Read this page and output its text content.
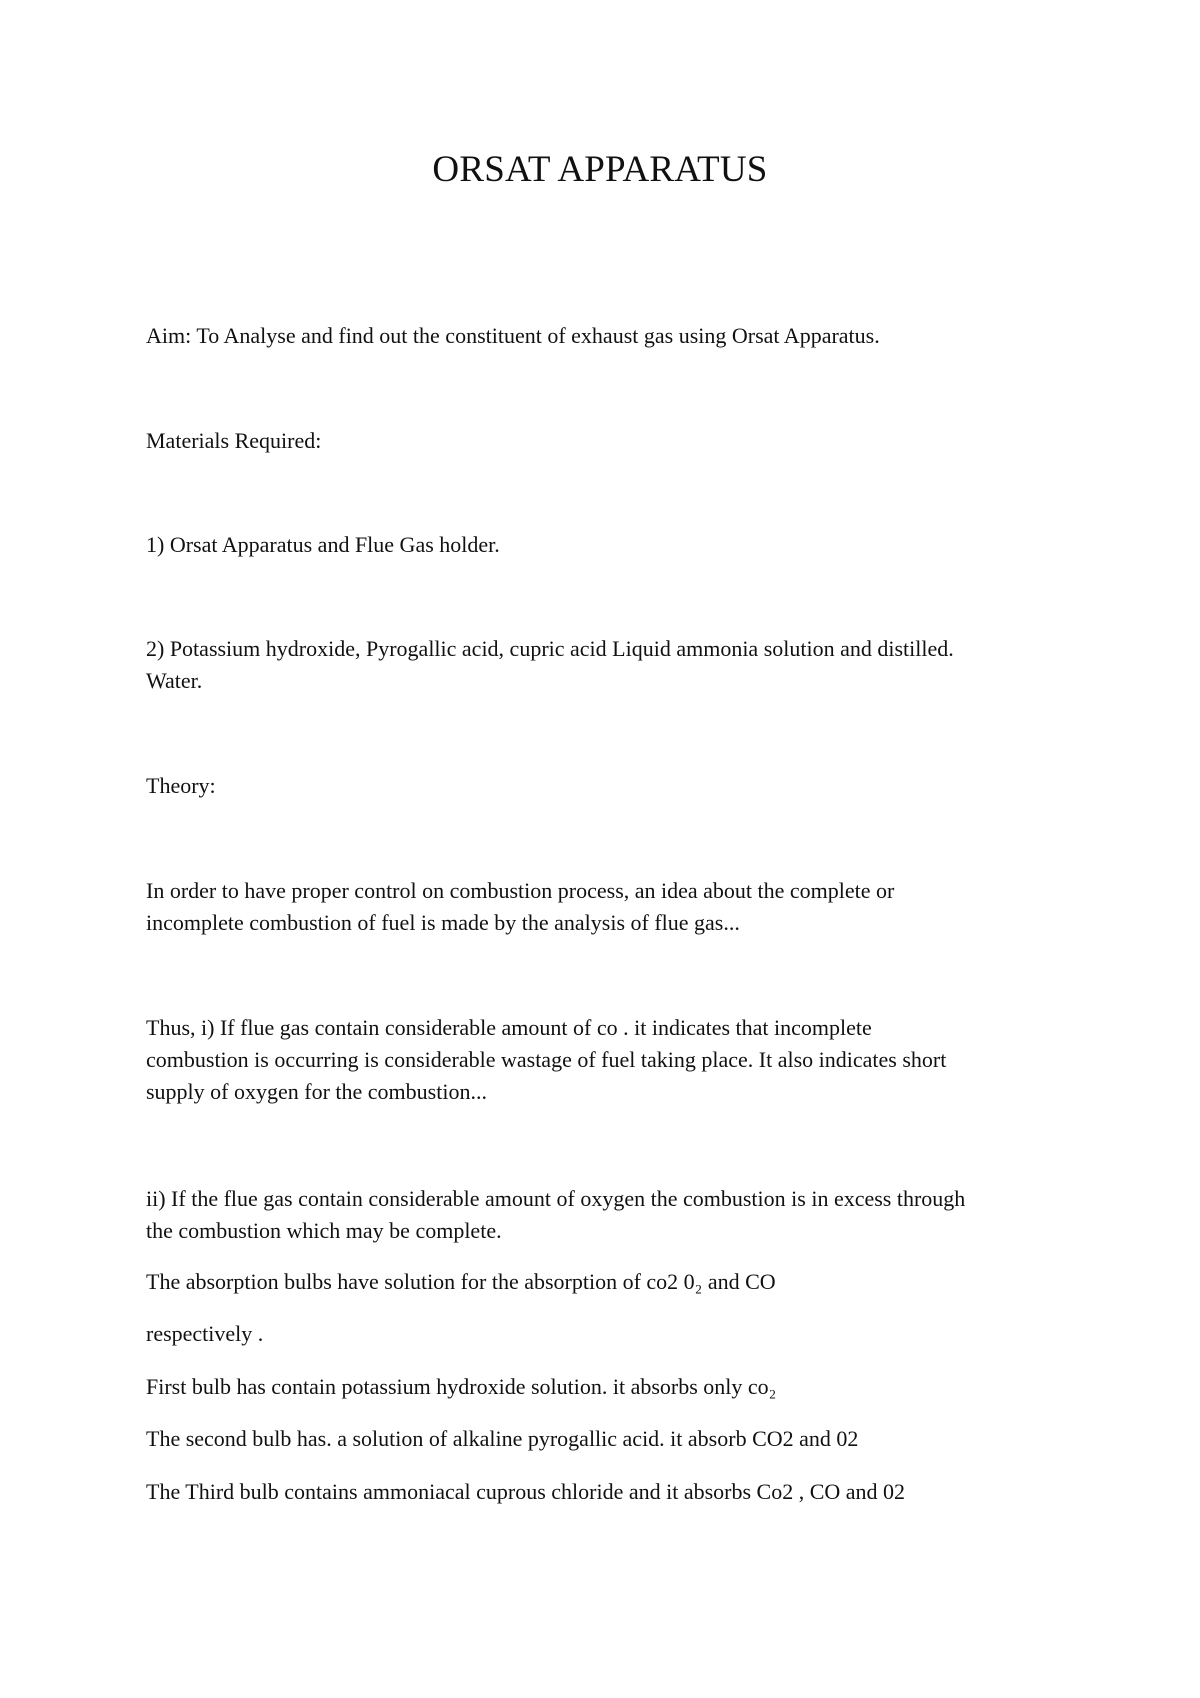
ORSAT APPARATUS

Aim: To Analyse and find out the constituent of exhaust gas using Orsat Apparatus.

Materials Required:

1) Orsat Apparatus and Flue Gas holder.

2) Potassium hydroxide, Pyrogallic acid, cupric acid Liquid ammonia solution and distilled.

Water.

Theory:

In order to have proper control on combustion process, an idea about the complete or

incomplete combustion of fuel is made by the analysis of flue gas...

Thus, i) If flue gas contain considerable amount of co . it indicates that incomplete

combustion is occurring is considerable wastage of fuel taking place. It also indicates short

supply of oxygen for the combustion...

ii) If the flue gas contain considerable amount of oxygen the combustion is in excess through

the combustion which may be complete.

The absorption bulbs have solution for the absorption of co2 0₂ and CO

respectively .

First bulb has contain potassium hydroxide solution. it absorbs only co₂

The second bulb has. a solution of alkaline pyrogallic acid. it absorb CO2 and 02

The Third bulb contains ammoniacal cuprous chloride and it absorbs Co2 , CO and 02
